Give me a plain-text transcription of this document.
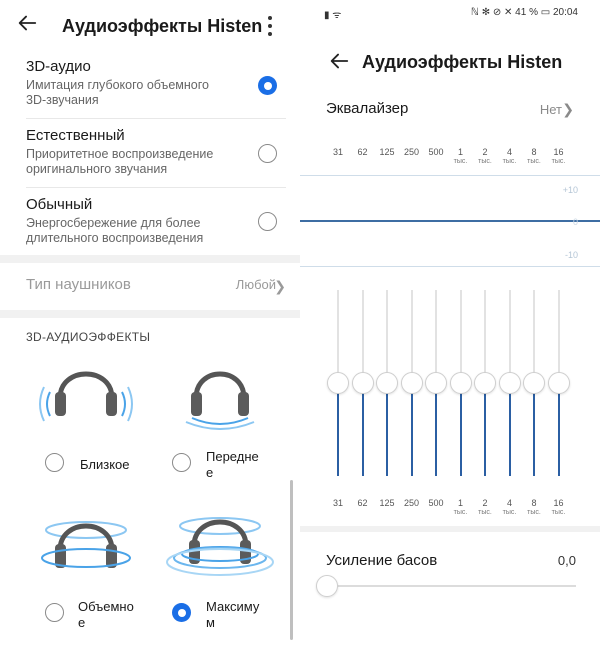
Аудиоэффекты Histen
3D-аудио
Имитация глубокого объемного 3D-звучания
Естественный
Приоритетное воспроизведение оригинального звучания
Обычный
Энергосбережение для более длительного воспроизведения
Тип наушников	Любой
❯
3D-АУДИОЭФФЕКТЫ
Близкое
Передне
е
Объемно
е
Максиму
м
▮ ᯤ	ℕ ✻ ⊘ ✕ 41 % ▭ 20:04
Аудиоэффекты Histen
Эквалайзер	Нет ❯
31	62	125	250	500	1
тыс.
2
тыс.
4
тыс.
8
тыс.
16
тыс.
+10
0
-10
31	62	125	250	500	1
тыс.
2
тыс.
4
тыс.
8
тыс.
16
тыс.
Усиление басов	0,0
